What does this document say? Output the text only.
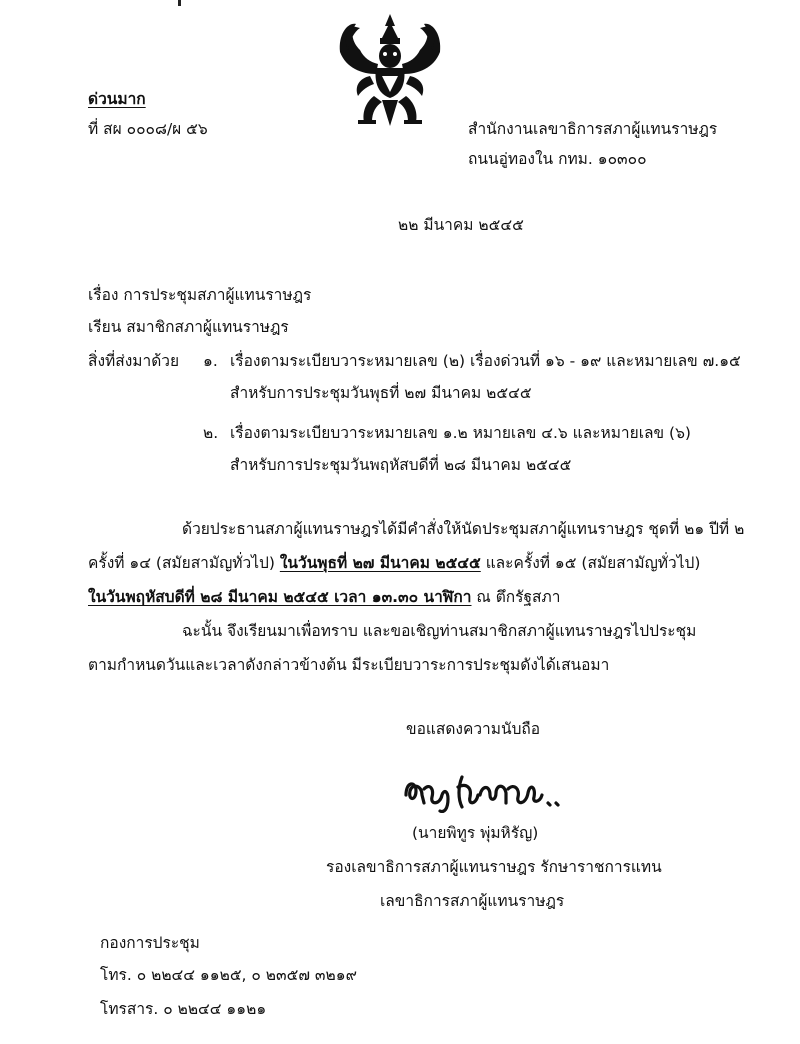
ด่วนมาก
ที่ สผ ๐๐๐๘/ผ ๕๖	สำนักงานเลขาธิการสภาผู้แทนราษฎร
ถนนอู่ทองใน กทม. ๑๐๓๐๐
๒๒ มีนาคม ๒๕๔๕
เรื่อง การประชุมสภาผู้แทนราษฎร
เรียน สมาชิกสภาผู้แทนราษฎร
สิ่งที่ส่งมาด้วย ๑. เรื่องตามระเบียบวาระหมายเลข (๒) เรื่องด่วนที่ ๑๖ - ๑๙ และหมายเลข ๗.๑๕
สำหรับการประชุมวันพุธที่ ๒๗ มีนาคม ๒๕๔๕
๒. เรื่องตามระเบียบวาระหมายเลข ๑.๒ หมายเลข ๔.๖ และหมายเลข (๖)
สำหรับการประชุมวันพฤหัสบดีที่ ๒๘ มีนาคม ๒๕๔๕
ด้วยประธานสภาผู้แทนราษฎรได้มีคำสั่งให้นัดประชุมสภาผู้แทนราษฎร ชุดที่ ๒๑ ปีที่ ๒
ครั้งที่ ๑๔ (สมัยสามัญทั่วไป) ในวันพุธที่ ๒๗ มีนาคม ๒๕๔๕ และครั้งที่ ๑๕ (สมัยสามัญทั่วไป)
ในวันพฤหัสบดีที่ ๒๘ มีนาคม ๒๕๔๕ เวลา ๑๓.๓๐ นาฬิกา ณ ตึกรัฐสภา
ฉะนั้น จึงเรียนมาเพื่อทราบ และขอเชิญท่านสมาชิกสภาผู้แทนราษฎรไปประชุม
ตามกำหนดวันและเวลาดังกล่าวข้างต้น มีระเบียบวาระการประชุมดังได้เสนอมา
ขอแสดงความนับถือ
(นายพิทูร พุ่มหิรัญ)
รองเลขาธิการสภาผู้แทนราษฎร รักษาราชการแทน
เลขาธิการสภาผู้แทนราษฎร
กองการประชุม
โทร. ๐ ๒๒๔๔ ๑๑๒๕, ๐ ๒๓๕๗ ๓๒๑๙
โทรสาร. ๐ ๒๒๔๔ ๑๑๒๑
